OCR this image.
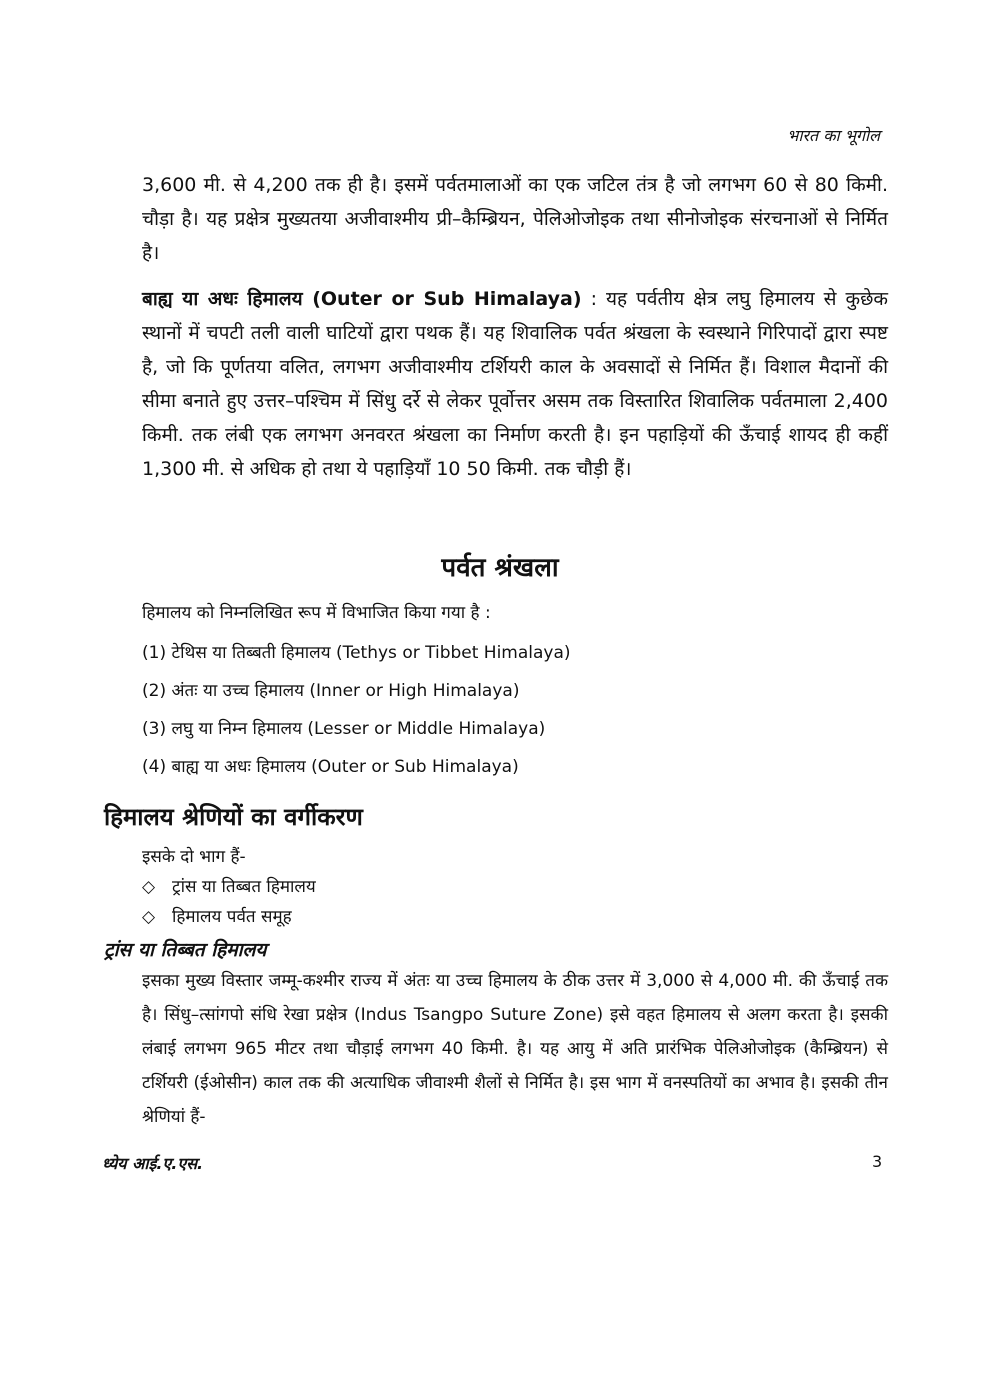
भारत का भूगोल

3,600 मी. से 4,200 तक ही है। इसमें पर्वतमालाओं का एक जटिल तंत्र है जो लगभग 60 से 80 किमी. चौड़ा है। यह प्रक्षेत्र मुख्यतया अजीवाश्मीय प्री–कैम्ब्रियन, पेलिओजोइक तथा सीनोजोइक संरचनाओं से निर्मित है।

बाह्य या अधः हिमालय (Outer or Sub Himalaya) : यह पर्वतीय क्षेत्र लघु हिमालय से कुछेक स्थानों में चपटी तली वाली घाटियों द्वारा पथक हैं। यह शिवालिक पर्वत श्रंखला के स्वस्थाने गिरिपादों द्वारा स्पष्ट है, जो कि पूर्णतया वलित, लगभग अजीवाश्मीय टर्शियरी काल के अवसादों से निर्मित हैं। विशाल मैदानों की सीमा बनाते हुए उत्तर–पश्चिम में सिंधु दर्रे से लेकर पूर्वोत्तर असम तक विस्तारित शिवालिक पर्वतमाला 2,400 किमी. तक लंबी एक लगभग अनवरत श्रंखला का निर्माण करती है। इन पहाड़ियों की ऊँचाई शायद ही कहीं 1,300 मी. से अधिक हो तथा ये पहाड़ियाँ 10 50 किमी. तक चौड़ी हैं।

पर्वत श्रंखला

हिमालय को निम्नलिखित रूप में विभाजित किया गया है :

(1) टेथिस या तिब्बती हिमालय (Tethys or Tibbet Himalaya)

(2) अंतः या उच्च हिमालय (Inner or High Himalaya)

(3) लघु या निम्न हिमालय (Lesser or Middle Himalaya)

(4) बाह्य या अधः हिमालय (Outer or Sub Himalaya)

हिमालय श्रेणियों का वर्गीकरण
इसके दो भाग हैं-
◇ ट्रांस या तिब्बत हिमालय
◇ हिमालय पर्वत समूह
ट्रांस या तिब्बत हिमालय

इसका मुख्य विस्तार जम्मू-कश्मीर राज्य में अंतः या उच्च हिमालय के ठीक उत्तर में 3,000 से 4,000 मी. की ऊँचाई तक है। सिंधु–त्सांगपो संधि रेखा प्रक्षेत्र (Indus Tsangpo Suture Zone) इसे वहत हिमालय से अलग करता है। इसकी लंबाई लगभग 965 मीटर तथा चौड़ाई लगभग 40 किमी. है। यह आयु में अति प्रारंभिक पेलिओजोइक (कैम्ब्रियन) से टर्शियरी (ईओसीन) काल तक की अत्याधिक जीवाश्मी शैलों से निर्मित है। इस भाग में वनस्पतियों का अभाव है। इसकी तीन श्रेणियां हैं-

ध्येय आई.ए.एस.	3
